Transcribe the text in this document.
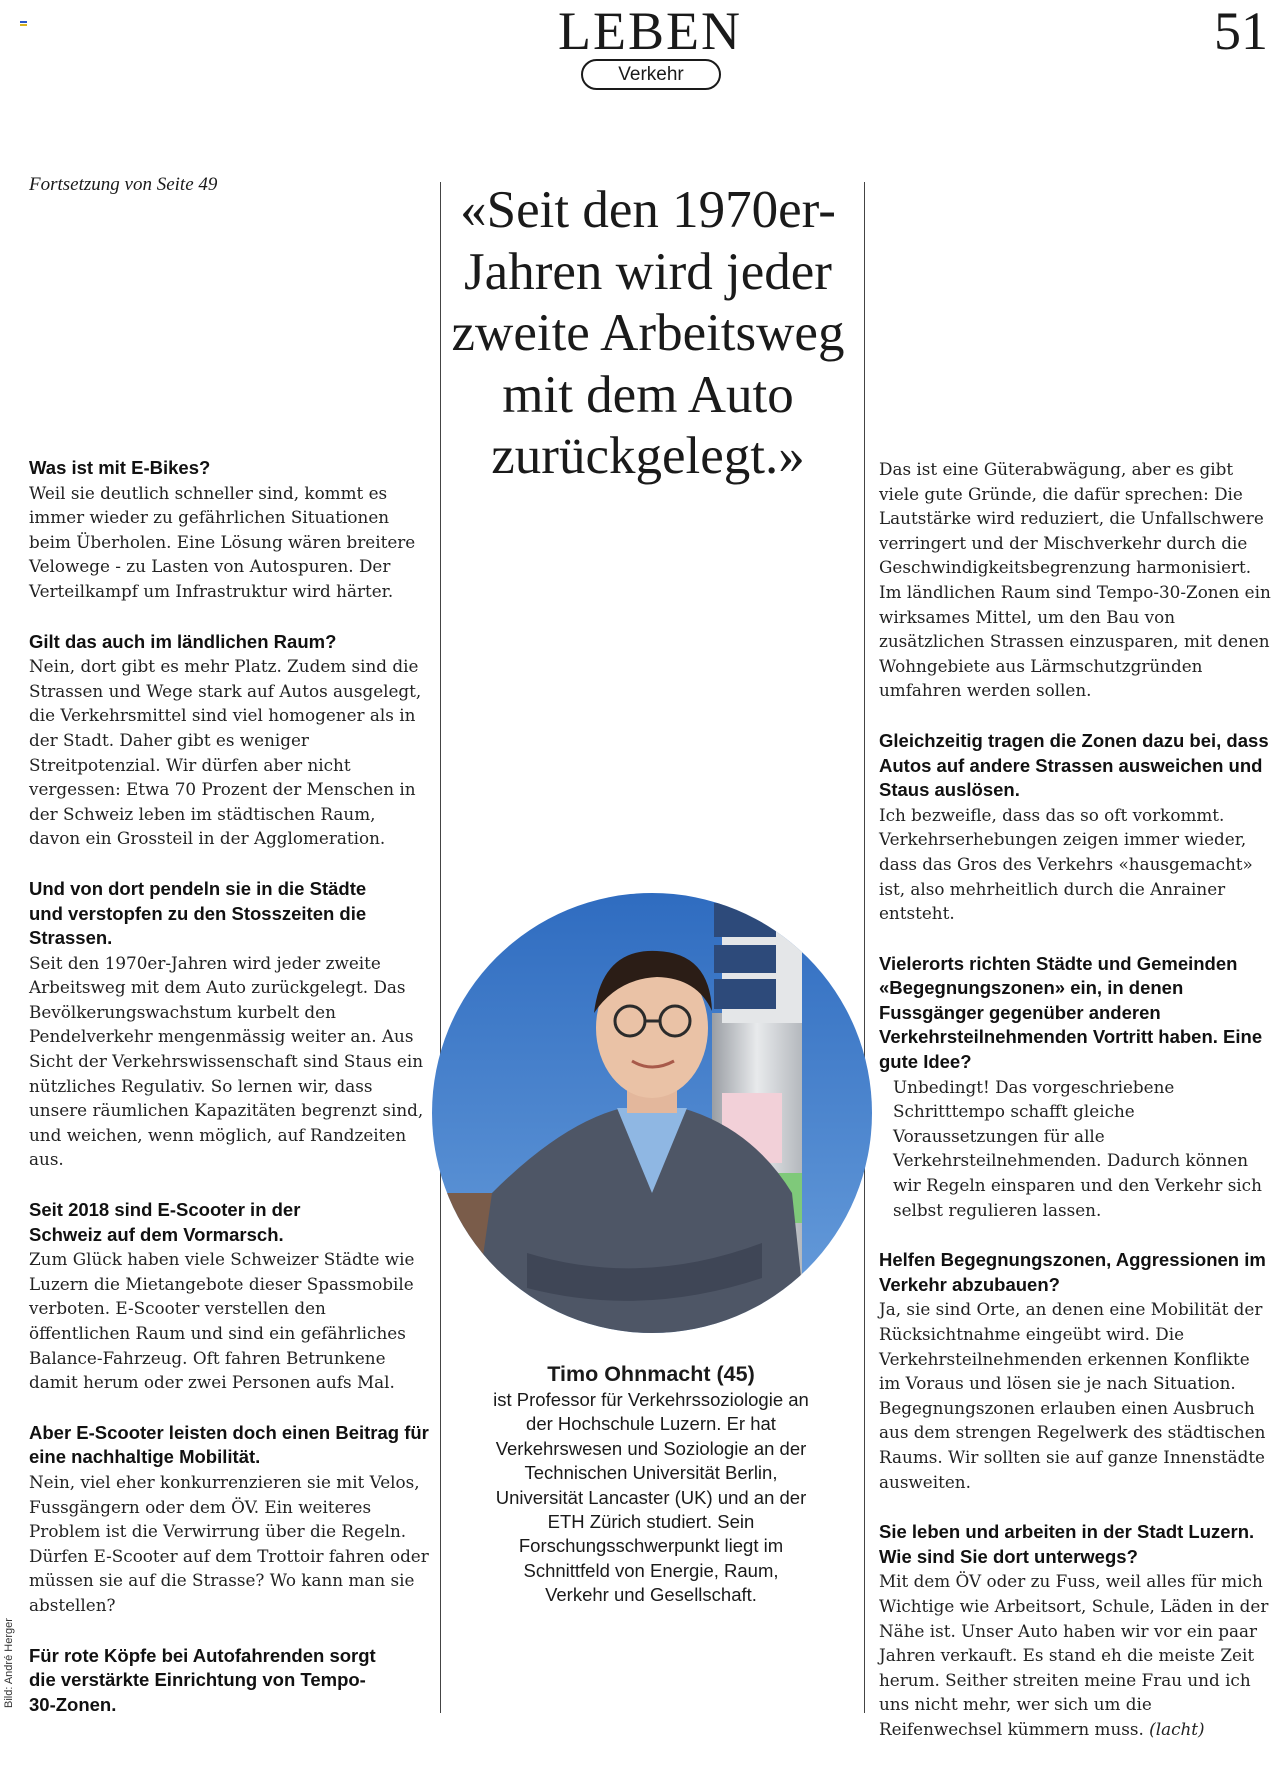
LEBEN	51
Verkehr
Fortsetzung von Seite 49

Was ist mit E-Bikes?

Weil sie deutlich schneller sind, kommt es immer wieder zu gefährlichen Situationen beim Überholen. Eine Lösung wären breitere Velowege - zu Lasten von Autospuren. Der Verteilkampf um Infrastruktur wird härter.

Gilt das auch im ländlichen Raum?

Nein, dort gibt es mehr Platz. Zudem sind die Strassen und Wege stark auf Autos ausgelegt, die Verkehrsmittel sind viel homogener als in der Stadt. Daher gibt es weniger Streitpotenzial. Wir dürfen aber nicht vergessen: Etwa 70 Prozent der Menschen in der Schweiz leben im städtischen Raum, davon ein Grossteil in der Agglomeration.

Und von dort pendeln sie in die Städte und verstopfen zu den Stosszeiten die Strassen.

Seit den 1970er-Jahren wird jeder zweite Arbeitsweg mit dem Auto zurückgelegt. Das Bevölkerungswachstum kurbelt den Pendelverkehr mengenmässig weiter an. Aus Sicht der Verkehrswissenschaft sind Staus ein nützliches Regulativ. So lernen wir, dass unsere räumlichen Kapazitäten begrenzt sind, und weichen, wenn möglich, auf Randzeiten aus.

Seit 2018 sind E-Scooter in der Schweiz auf dem Vormarsch.

Zum Glück haben viele Schweizer Städte wie Luzern die Mietangebote dieser Spassmobile verboten. E-Scooter verstellen den öffentlichen Raum und sind ein gefährliches Balance-Fahrzeug. Oft fahren Betrunkene damit herum oder zwei Personen aufs Mal.

Aber E-Scooter leisten doch einen Beitrag für eine nachhaltige Mobilität.

Nein, viel eher konkurrenzieren sie mit Velos, Fussgängern oder dem ÖV. Ein weiteres Problem ist die Verwirrung über die Regeln. Dürfen E-Scooter auf dem Trottoir fahren oder müssen sie auf die Strasse? Wo kann man sie abstellen?

Für rote Köpfe bei Autofahrenden sorgt die verstärkte Einrichtung von Tempo-30-Zonen.

«Seit den 1970er-Jahren wird jeder zweite Arbeitsweg mit dem Auto zurückgelegt.»

Timo Ohnmacht (45)

ist Professor für Verkehrssoziologie an der Hochschule Luzern. Er hat Verkehrswesen und Soziologie an der Technischen Universität Berlin, Universität Lancaster (UK) und an der ETH Zürich studiert. Sein Forschungsschwerpunkt liegt im Schnittfeld von Energie, Raum, Verkehr und Gesellschaft.

Bild: André Herger

Das ist eine Güterabwägung, aber es gibt viele gute Gründe, die dafür sprechen: Die Lautstärke wird reduziert, die Unfallschwere verringert und der Mischverkehr durch die Geschwindigkeitsbegrenzung harmonisiert. Im ländlichen Raum sind Tempo-30-Zonen ein wirksames Mittel, um den Bau von zusätzlichen Strassen einzusparen, mit denen Wohngebiete aus Lärmschutzgründen umfahren werden sollen.

Gleichzeitig tragen die Zonen dazu bei, dass Autos auf andere Strassen ausweichen und Staus auslösen.

Ich bezweifle, dass das so oft vorkommt. Verkehrserhebungen zeigen immer wieder, dass das Gros des Verkehrs «hausgemacht» ist, also mehrheitlich durch die Anrainer entsteht.

Vielerorts richten Städte und Gemeinden «Begegnungszonen» ein, in denen Fussgänger gegenüber anderen Verkehrsteilnehmenden Vortritt haben. Eine gute Idee?

Unbedingt! Das vorgeschriebene Schritttempo schafft gleiche Voraussetzungen für alle Verkehrsteilnehmenden. Dadurch können wir Regeln einsparen und den Verkehr sich selbst regulieren lassen.

Helfen Begegnungszonen, Aggressionen im Verkehr abzubauen?

Ja, sie sind Orte, an denen eine Mobilität der Rücksichtnahme eingeübt wird. Die Verkehrsteilnehmenden erkennen Konflikte im Voraus und lösen sie je nach Situation. Begegnungszonen erlauben einen Ausbruch aus dem strengen Regelwerk des städtischen Raums. Wir sollten sie auf ganze Innenstädte ausweiten.

Sie leben und arbeiten in der Stadt Luzern. Wie sind Sie dort unterwegs?

Mit dem ÖV oder zu Fuss, weil alles für mich Wichtige wie Arbeitsort, Schule, Läden in der Nähe ist. Unser Auto haben wir vor ein paar Jahren verkauft. Es stand eh die meiste Zeit herum. Seither streiten meine Frau und ich uns nicht mehr, wer sich um die Reifenwechsel kümmern muss. (lacht)
